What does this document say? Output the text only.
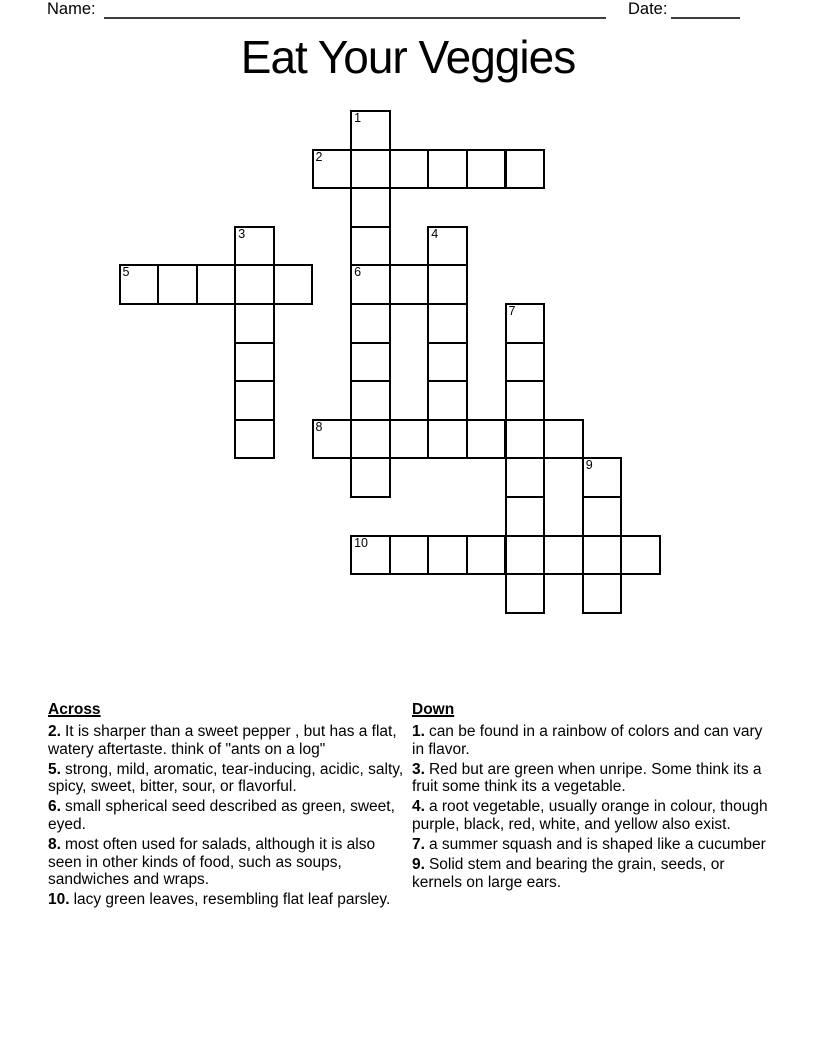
Name:	Date:
Eat Your Veggies
1
2
3	4
5	6
7
8
9
10
Across

2. It is sharper than a sweet pepper , but has a flat, watery aftertaste. think of "ants on a log"

5. strong, mild, aromatic, tear-inducing, acidic, salty, spicy, sweet, bitter, sour, or flavorful.

6. small spherical seed described as green, sweet, eyed.

8. most often used for salads, although it is also seen in other kinds of food, such as soups, sandwiches and wraps.

10. lacy green leaves, resembling flat leaf parsley.

Down

1. can be found in a rainbow of colors and can vary in flavor.

3. Red but are green when unripe. Some think its a fruit some think its a vegetable.

4. a root vegetable, usually orange in colour, though purple, black, red, white, and yellow also exist.

7. a summer squash and is shaped like a cucumber

9. Solid stem and bearing the grain, seeds, or kernels on large ears.
